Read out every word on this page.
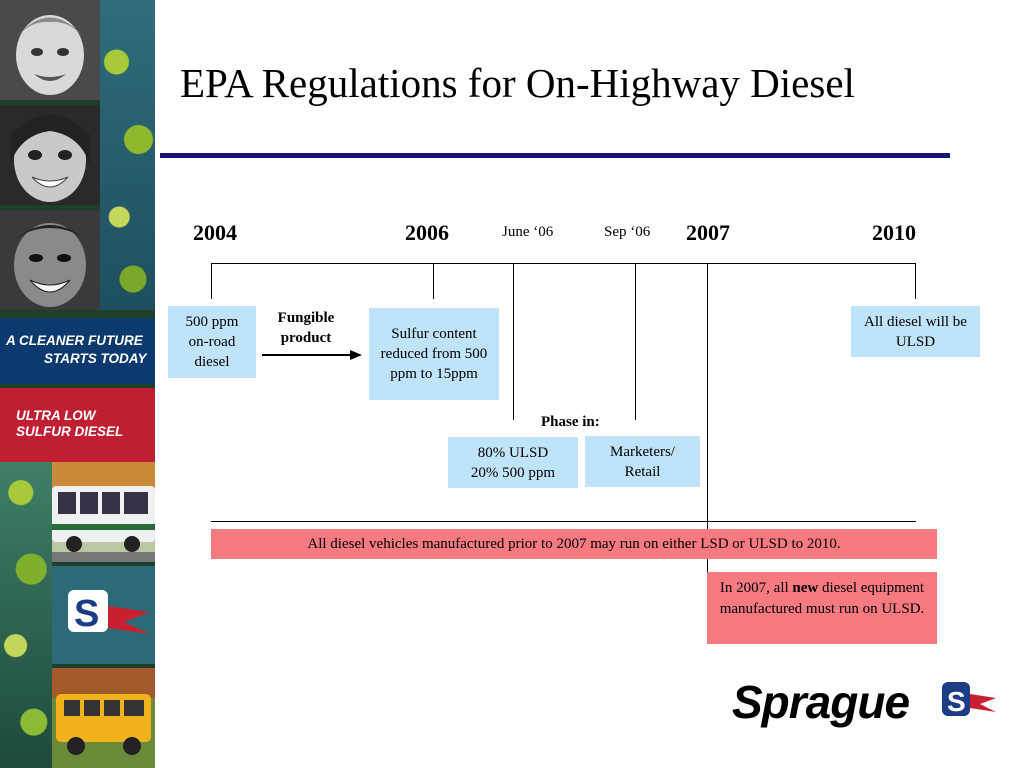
A CLEANER FUTURE
STARTS TODAY
ULTRA LOW
SULFUR DIESEL
S
EPA Regulations for On-Highway Diesel
2004	2006	June ‘06	Sep ‘06 2007	2010
500 ppm on-road diesel
Fungible
product	Sulfur content reduced from 500 ppm to 15ppm
All diesel will be ULSD
Phase in:
80% ULSD
20% 500 ppm
Marketers/
Retail
All diesel vehicles manufactured prior to 2007 may run on either LSD or ULSD to 2010.
In 2007, all new diesel equipment manufactured must run on ULSD.
Sprague S
